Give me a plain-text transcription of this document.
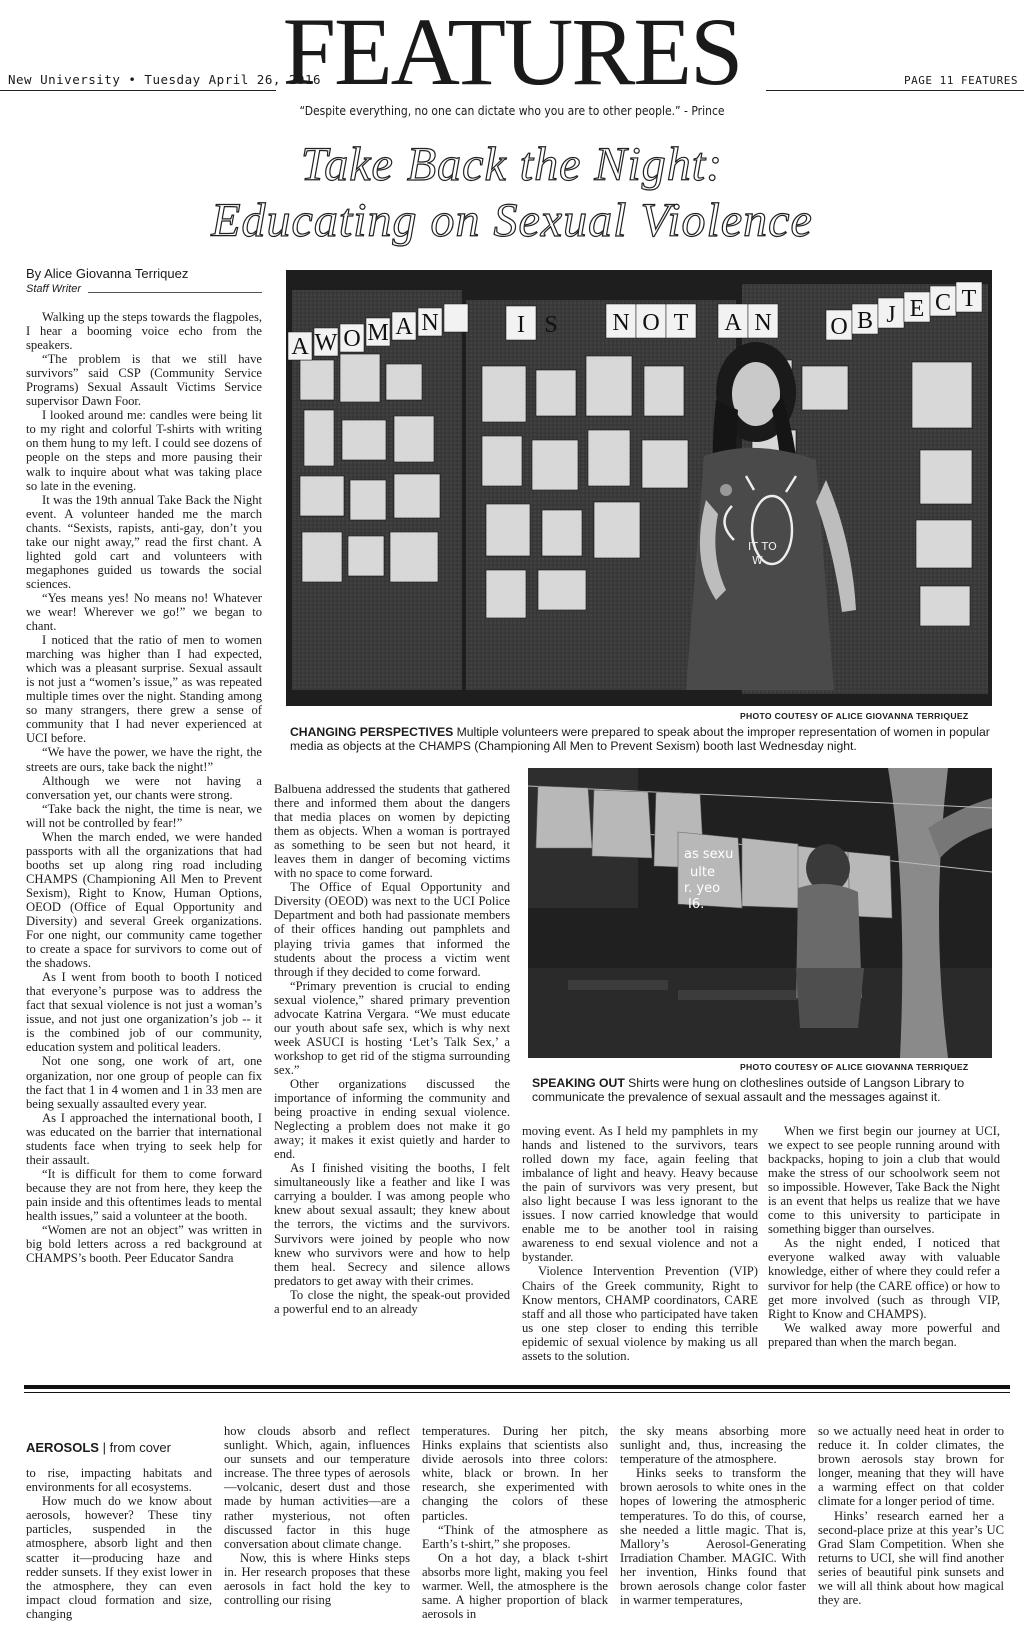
New University • Tuesday April 26, 2016
FEATURES	PAGE 11 FEATURES
“Despite everything, no one can dictate who you are to other people.” - Prince
Take Back the Night:
Educating on Sexual Violence
By Alice Giovanna Terriquez
Staff Writer

Walking up the steps towards the flagpoles, I hear a booming voice echo from the speakers.

“The problem is that we still have survivors” said CSP (Community Service Programs) Sexual Assault Victims Service supervisor Dawn Foor.

I looked around me: candles were being lit to my right and colorful T-shirts with writing on them hung to my left. I could see dozens of people on the steps and more pausing their walk to inquire about what was taking place so late in the evening.

It was the 19th annual Take Back the Night event. A volunteer handed me the march chants. “Sexists, rapists, anti-gay, don’t you take our night away,” read the first chant. A lighted gold cart and volunteers with megaphones guided us towards the social sciences.

“Yes means yes! No means no! Whatever we wear! Wherever we go!” we began to chant.

I noticed that the ratio of men to women marching was higher than I had expected, which was a pleasant surprise. Sexual assault is not just a “women’s issue,” as was repeated multiple times over the night. Standing among so many strangers, there grew a sense of community that I had never experienced at UCI before.

“We have the power, we have the right, the streets are ours, take back the night!”

Although we were not having a conversation yet, our chants were strong.

“Take back the night, the time is near, we will not be controlled by fear!”

When the march ended, we were handed passports with all the organizations that had booths set up along ring road including CHAMPS (Championing All Men to Prevent Sexism), Right to Know, Human Options, OEOD (Office of Equal Opportunity and Diversity) and several Greek organizations. For one night, our community came together to create a space for survivors to come out of the shadows.

As I went from booth to booth I noticed that everyone’s purpose was to address the fact that sexual violence is not just a woman’s issue, and not just one organization’s job -- it is the combined job of our community, education system and political leaders.

Not one song, one work of art, one organization, nor one group of people can fix the fact that 1 in 4 women and 1 in 33 men are being sexually assaulted every year.

As I approached the international booth, I was educated on the barrier that international students face when trying to seek help for their assault.

“It is difficult for them to come forward because they are not from here, they keep the pain inside and this oftentimes leads to mental health issues,” said a volunteer at the booth.

“Women are not an object” was written in big bold letters across a red background at CHAMPS’s booth. Peer Educator Sandra

A W O M A N	I S N O T A N O B J E C T
IT TO
W
PHOTO COUTESY OF ALICE GIOVANNA TERRIQUEZ
CHANGING PERSPECTIVES Multiple volunteers were prepared to speak about the improper representation of women in popular media as objects at the CHAMPS (Championing All Men to Prevent Sexism) booth last Wednesday night.

Balbuena addressed the students that gathered there and informed them about the dangers that media places on women by depicting them as objects. When a woman is portrayed as something to be seen but not heard, it leaves them in danger of becoming victims with no space to come forward.

The Office of Equal Opportunity and Diversity (OEOD) was next to the UCI Police Department and both had passionate members of their offices handing out pamphlets and playing trivia games that informed the students about the process a victim went through if they decided to come forward.

“Primary prevention is crucial to ending sexual violence,” shared primary prevention advocate Katrina Vergara. “We must educate our youth about safe sex, which is why next week ASUCI is hosting ‘Let’s Talk Sex,’ a workshop to get rid of the stigma surrounding sex.”

Other organizations discussed the importance of informing the community and being proactive in ending sexual violence. Neglecting a problem does not make it go away; it makes it exist quietly and harder to end.

As I finished visiting the booths, I felt simultaneously like a feather and like I was carrying a boulder. I was among people who knew about sexual assault; they knew about the terrors, the victims and the survivors. Survivors were joined by people who now knew who survivors were and how to help them heal. Secrecy and silence allows predators to get away with their crimes.

To close the night, the speak-out provided a powerful end to an already

as sexu
ulte
r. yeo
I6.
PHOTO COUTESY OF ALICE GIOVANNA TERRIQUEZ
SPEAKING OUT Shirts were hung on clotheslines outside of Langson Library to communicate the prevalence of sexual assault and the messages against it.

moving event. As I held my pamphlets in my hands and listened to the survivors, tears rolled down my face, again feeling that imbalance of light and heavy. Heavy because the pain of survivors was very present, but also light because I was less ignorant to the issues. I now carried knowledge that would enable me to be another tool in raising awareness to end sexual violence and not a bystander.

Violence Intervention Prevention (VIP) Chairs of the Greek community, Right to Know mentors, CHAMP coordinators, CARE staff and all those who participated have taken us one step closer to ending this terrible epidemic of sexual violence by making us all assets to the solution.

When we first begin our journey at UCI, we expect to see people running around with backpacks, hoping to join a club that would make the stress of our schoolwork seem not so impossible. However, Take Back the Night is an event that helps us realize that we have come to this university to participate in something bigger than ourselves.

As the night ended, I noticed that everyone walked away with valuable knowledge, either of where they could refer a survivor for help (the CARE office) or how to get more involved (such as through VIP, Right to Know and CHAMPS).

We walked away more powerful and prepared than when the march began.

AEROSOLS | from cover

to rise, impacting habitats and environments for all ecosystems.

How much do we know about aerosols, however? These tiny particles, suspended in the atmosphere, absorb light and then scatter it—producing haze and redder sunsets. If they exist lower in the atmosphere, they can even impact cloud formation and size, changing

how clouds absorb and reflect sunlight. Which, again, influences our sunsets and our temperature increase. The three types of aerosols—volcanic, desert dust and those made by human activities—are a rather mysterious, not often discussed factor in this huge conversation about climate change.

Now, this is where Hinks steps in. Her research proposes that these aerosols in fact hold the key to controlling our rising

temperatures. During her pitch, Hinks explains that scientists also divide aerosols into three colors: white, black or brown. In her research, she experimented with changing the colors of these particles.

“Think of the atmosphere as Earth’s t-shirt,” she proposes.

On a hot day, a black t-shirt absorbs more light, making you feel warmer. Well, the atmosphere is the same. A higher proportion of black aerosols in

the sky means absorbing more sunlight and, thus, increasing the temperature of the atmosphere.

Hinks seeks to transform the brown aerosols to white ones in the hopes of lowering the atmospheric temperatures. To do this, of course, she needed a little magic. That is, Mallory’s Aerosol-Generating Irradiation Chamber. MAGIC. With her invention, Hinks found that brown aerosols change color faster in warmer temperatures,

so we actually need heat in order to reduce it. In colder climates, the brown aerosols stay brown for longer, meaning that they will have a warming effect on that colder climate for a longer period of time.

Hinks’ research earned her a second-place prize at this year’s UC Grad Slam Competition. When she returns to UCI, she will find another series of beautiful pink sunsets and we will all think about how magical they are.
